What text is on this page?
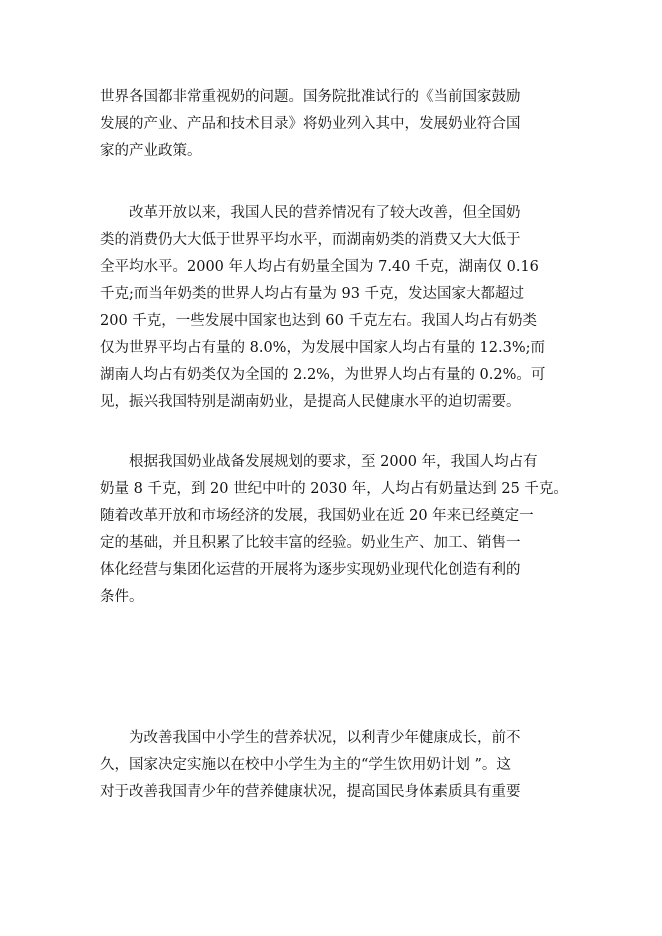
世界各国都非常重视奶的问题。国务院批准试行的《当前国家鼓励
发展的产业、产品和技术目录》将奶业列入其中，发展奶业符合国
家的产业政策。

改革开放以来，我国人民的营养情况有了较大改善，但全国奶
类的消费仍大大低于世界平均水平，而湖南奶类的消费又大大低于
全平均水平。2000 年人均占有奶量全国为 7.40 千克，湖南仅 0.16
千克;而当年奶类的世界人均占有量为 93 千克，发达国家大都超过
200 千克，一些发展中国家也达到 60 千克左右。我国人均占有奶类
仅为世界平均占有量的 8.0%，为发展中国家人均占有量的 12.3%;而
湖南人均占有奶类仅为全国的 2.2%，为世界人均占有量的 0.2%。可
见，振兴我国特别是湖南奶业，是提高人民健康水平的迫切需要。

根据我国奶业战备发展规划的要求，至 2000 年，我国人均占有
奶量 8 千克，到 20 世纪中叶的 2030 年，人均占有奶量达到 25 千克。
随着改革开放和市场经济的发展，我国奶业在近 20 年来已经奠定一
定的基础，并且积累了比较丰富的经验。奶业生产、加工、销售一
体化经营与集团化运营的开展将为逐步实现奶业现代化创造有利的
条件。

为改善我国中小学生的营养状况，以利青少年健康成长，前不
久，国家决定实施以在校中小学生为主的“学生饮用奶计划 ”。这
对于改善我国青少年的营养健康状况，提高国民身体素质具有重要
